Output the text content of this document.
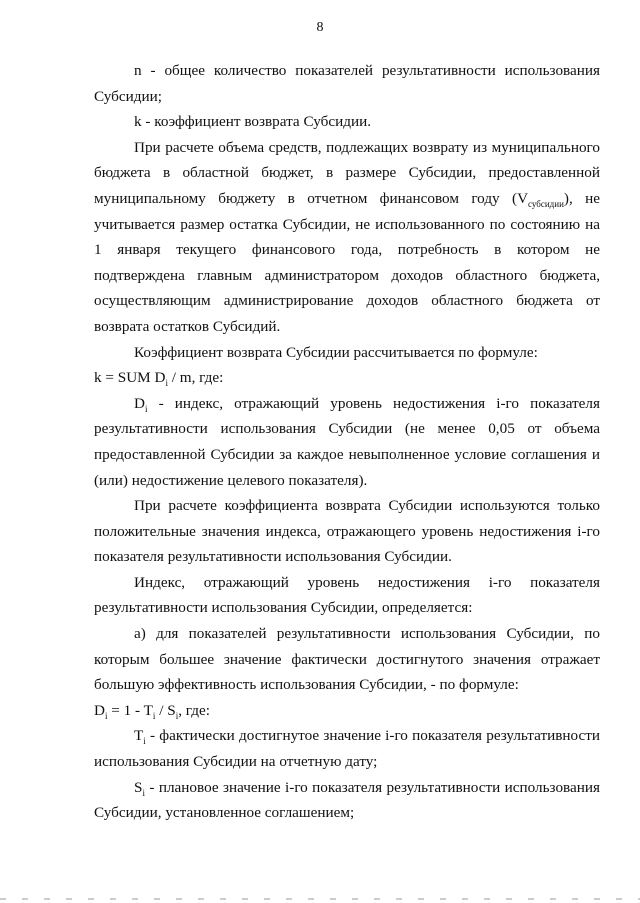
8

n - общее количество показателей результативности использования Субсидии;

k - коэффициент возврата Субсидии.

При расчете объема средств, подлежащих возврату из муниципального бюджета в областной бюджет, в размере Субсидии, предоставленной муниципальному бюджету в отчетном финансовом году $(V_{субсидии})$, не учитывается размер остатка Субсидии, не использованного по состоянию на 1 января текущего финансового года, потребность в котором не подтверждена главным администратором доходов областного бюджета, осуществляющим администрирование доходов областного бюджета от возврата остатков Субсидий.

Коэффициент возврата Субсидии рассчитывается по формуле:

k = SUM $D_i$ / m, где:

$D_i$ - индекс, отражающий уровень недостижения i-го показателя результативности использования Субсидии (не менее 0,05 от объема предоставленной Субсидии за каждое невыполненное условие соглашения и (или) недостижение целевого показателя).

При расчете коэффициента возврата Субсидии используются только положительные значения индекса, отражающего уровень недостижения i-го показателя результативности использования Субсидии.

Индекс, отражающий уровень недостижения i-го показателя результативности использования Субсидии, определяется:

а) для показателей результативности использования Субсидии, по которым большее значение фактически достигнутого значения отражает большую эффективность использования Субсидии, - по формуле:

$D_i = 1 - T_i / S_i$, где:

$T_i$ - фактически достигнутое значение i-го показателя результативности использования Субсидии на отчетную дату;

$S_i$ - плановое значение i-го показателя результативности использования Субсидии, установленное соглашением;
